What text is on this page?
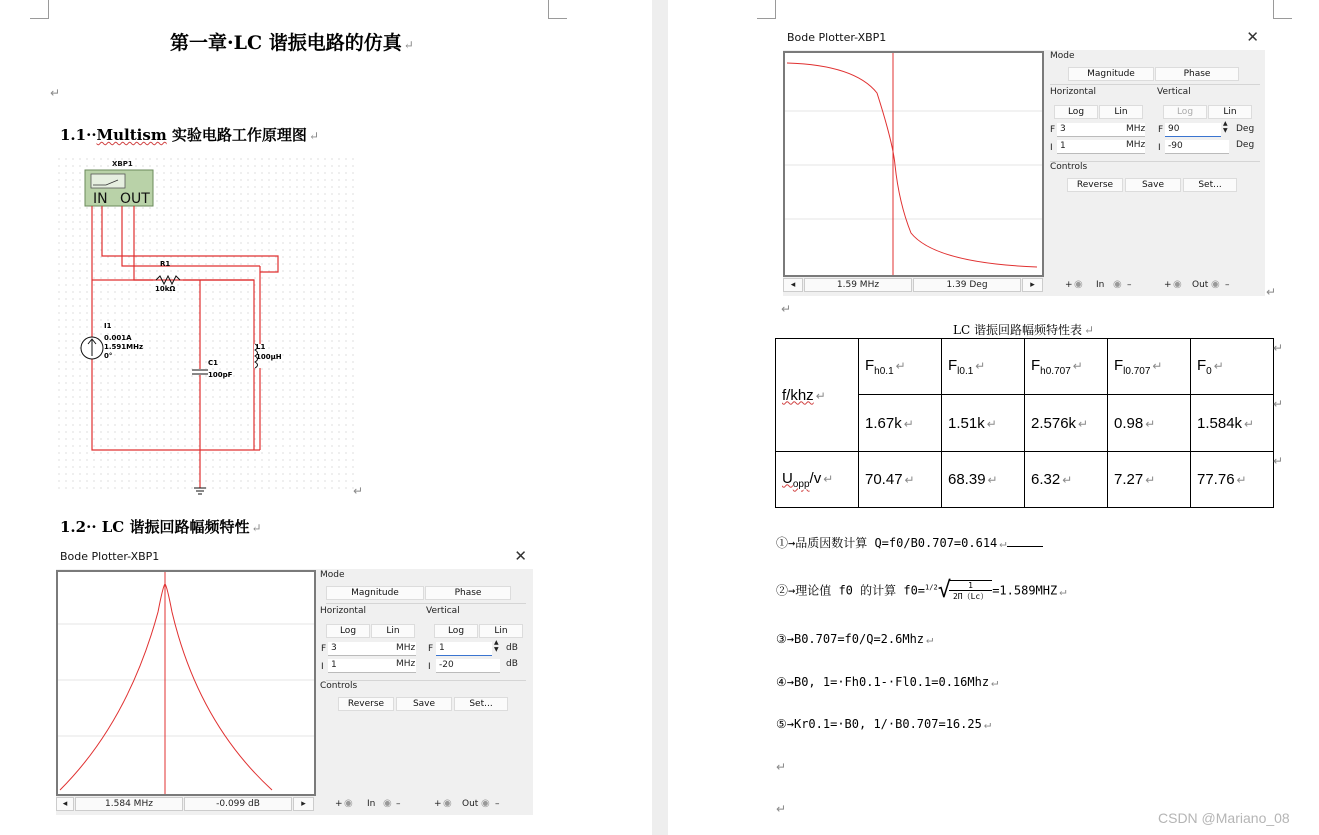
第一章·LC 谐振电路的仿真 ↵
↵
1.1··Multism 实验电路工作原理图 ↵
XBP1
IN OUT
R1
10kΩ
I1
0.001A
1.591MHz
0°
C1
100pF
L1
100μH
↵
1.2·· LC 谐振回路幅频特性 ↵
Bode Plotter-XBP1	✕
Mode
Magnitude	Phase
Horizontal	Vertical
Log	Lin	Log	Lin
F 3	MHz
I 1	MHz
F 1
▲
▼ dB
I -20	dB
Controls
Reverse	Save	Set...
◂	1.584 MHz	-0.099 dB	▸	+ ◉ In ◉ –	+ ◉ Out ◉ –
Bode Plotter-XBP1	✕
Mode
Magnitude	Phase
Horizontal	Vertical
Log	Lin	Log	Lin
F 3	MHz
I 1	MHz
F 90
▲
▼ Deg
I -90	Deg
Controls
Reverse	Save	Set...
◂	1.59 MHz	1.39 Deg	▸	+ ◉ In ◉ –	+ ◉ Out ◉ –	↵
↵
LC 谐振回路幅频特性表 ↵
f/khz ↵	$F_{h0.1}$ ↵	$F_{l0.1}$ ↵	$F_{h0.707}$ ↵	$F_{l0.707}$ ↵	$F_0$ ↵
	1.67k ↵	1.51k ↵	2.576k ↵	0.98 ↵	1.584k ↵
$U_{opp}/v$ ↵	70.47 ↵	68.39 ↵	6.32 ↵	7.27 ↵	77.76 ↵
↵
↵
↵
①→品质因数计算 Q=f0/B0.707=0.614 ↵
②→理论值 f0 的计算 f0=$^{1/2}$√
$\frac{1}{2\Pi(Lc)} =1.589MHZ$ ↵
③→B0.707=f0/Q=2.6Mhz ↵
④→B0, 1=·Fh0.1-·Fl0.1=0.16Mhz ↵
⑤→Kr0.1=·B0, 1/·B0.707=16.25 ↵
↵
↵
CSDN @Mariano_08
